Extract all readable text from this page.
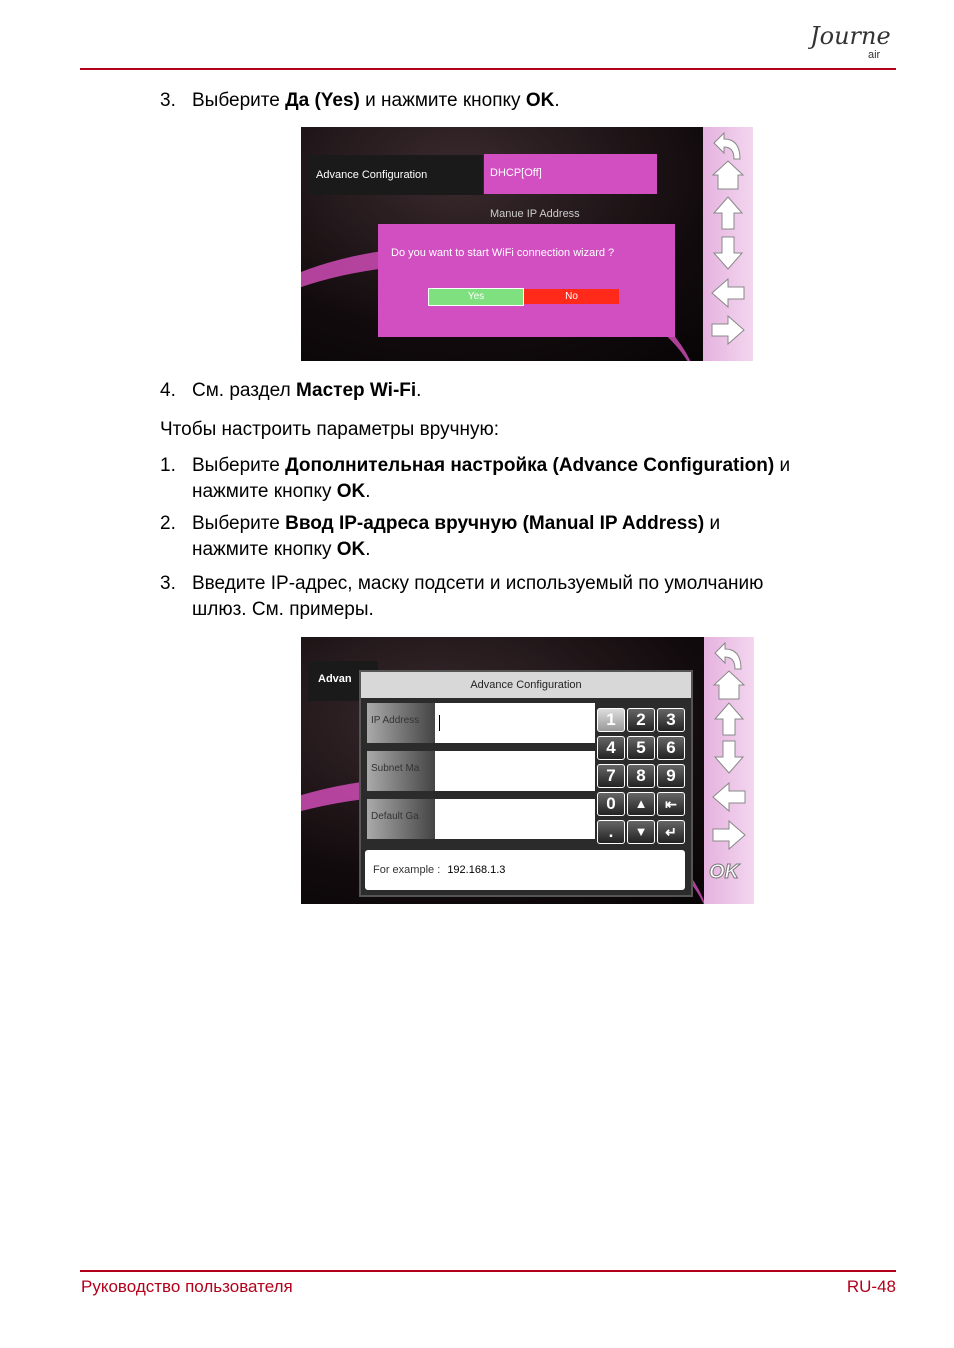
Journe
air
3. Выберите Да (Yes) и нажмите кнопку OK.
Advance Configuration	DHCP[Off]
Manue IP Address
Do you want to start WiFi connection wizard ?
Yes	No
4. См. раздел Мастер Wi-Fi.
Чтобы настроить параметры вручную:
1. Выберите Дополнительная настройка (Advance Configuration) и
нажмите кнопку OK.
2. Выберите Ввод IP-адреса вручную (Manual IP Address) и
нажмите кнопку OK.
3. Введите IP-адрес, маску подсети и используемый по умолчанию
шлюз. См. примеры.
Advan	Advance Configuration
IP Address
Subnet Ma
Default Ga
1	2	3
4	5	6
7	8	9
0	▲	⇤
.	▼	↵
For example : 192.168.1.3	OK
Руководство пользователя	RU-48
